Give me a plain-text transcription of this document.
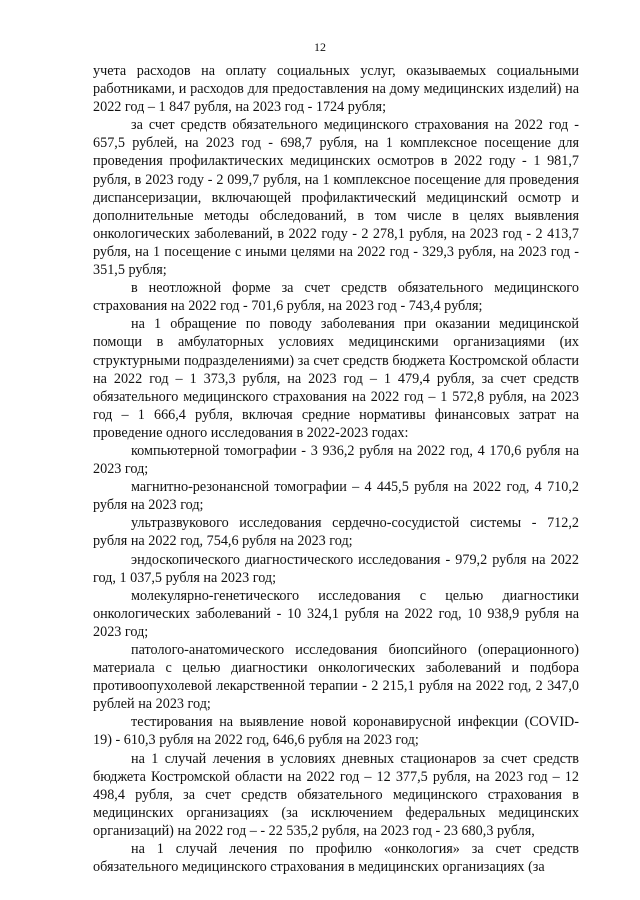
12

учета расходов на оплату социальных услуг, оказываемых социальными работниками, и расходов для предоставления на дому медицинских изделий) на 2022 год – 1 847 рубля, на 2023 год - 1724 рубля;

за счет средств обязательного медицинского страхования на 2022 год - 657,5 рублей, на 2023 год - 698,7 рубля, на 1 комплексное посещение для проведения профилактических медицинских осмотров в 2022 году - 1 981,7 рубля, в 2023 году - 2 099,7 рубля, на 1 комплексное посещение для проведения диспансеризации, включающей профилактический медицинский осмотр и дополнительные методы обследований, в том числе в целях выявления онкологических заболеваний, в 2022 году - 2 278,1 рубля, на 2023 год - 2 413,7 рубля, на 1 посещение с иными целями на 2022 год - 329,3 рубля, на 2023 год - 351,5 рубля;

в неотложной форме за счет средств обязательного медицинского страхования на 2022 год - 701,6 рубля, на 2023 год - 743,4 рубля;

на 1 обращение по поводу заболевания при оказании медицинской помощи в амбулаторных условиях медицинскими организациями (их структурными подразделениями) за счет средств бюджета Костромской области на 2022 год – 1 373,3 рубля, на 2023 год – 1 479,4 рубля, за счет средств обязательного медицинского страхования на 2022 год – 1 572,8 рубля, на 2023 год – 1 666,4 рубля, включая средние нормативы финансовых затрат на проведение одного исследования в 2022-2023 годах:

компьютерной томографии - 3 936,2 рубля на 2022 год, 4 170,6 рубля на 2023 год;

магнитно-резонансной томографии – 4 445,5 рубля на 2022 год, 4 710,2 рубля на 2023 год;

ультразвукового исследования сердечно-сосудистой системы - 712,2 рубля на 2022 год, 754,6 рубля на 2023 год;

эндоскопического диагностического исследования - 979,2 рубля на 2022 год, 1 037,5 рубля на 2023 год;

молекулярно-генетического исследования с целью диагностики онкологических заболеваний - 10 324,1 рубля на 2022 год, 10 938,9 рубля на 2023 год;

патолого-анатомического исследования биопсийного (операционного) материала с целью диагностики онкологических заболеваний и подбора противоопухолевой лекарственной терапии - 2 215,1 рубля на 2022 год, 2 347,0 рублей на 2023 год;

тестирования на выявление новой коронавирусной инфекции (COVID-19) - 610,3 рубля на 2022 год, 646,6 рубля на 2023 год;

на 1 случай лечения в условиях дневных стационаров за счет средств бюджета Костромской области на 2022 год – 12 377,5 рубля, на 2023 год – 12 498,4 рубля, за счет средств обязательного медицинского страхования в медицинских организациях (за исключением федеральных медицинских организаций) на 2022 год – - 22 535,2 рубля, на 2023 год - 23 680,3 рубля,

на 1 случай лечения по профилю «онкология» за счет средств обязательного медицинского страхования в медицинских организациях (за
